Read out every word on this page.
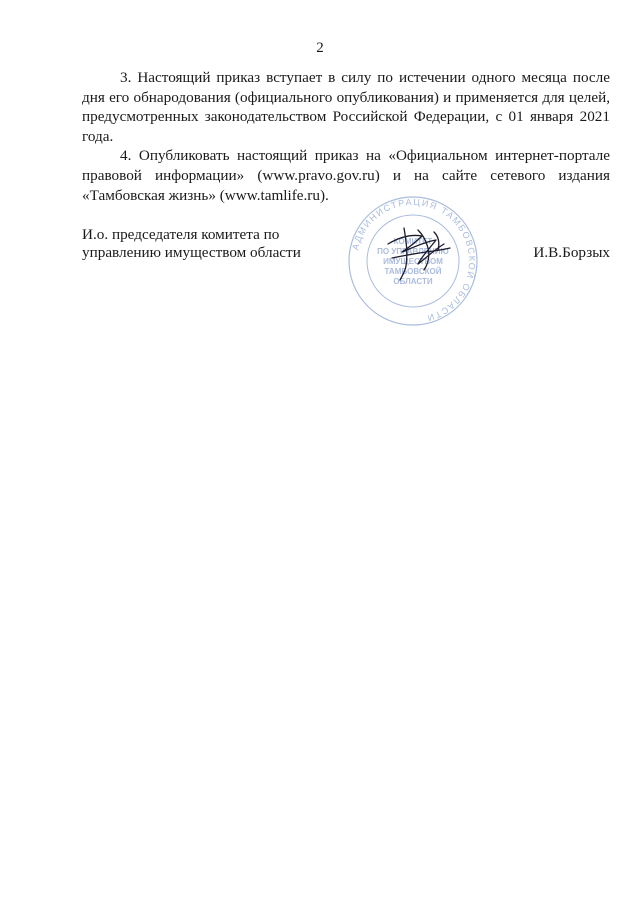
2

3. Настоящий приказ вступает в силу по истечении одного месяца после дня его обнародования (официального опубликования) и применяется для целей, предусмотренных законодательством Российской Федерации, с 01 января 2021 года.

4. Опубликовать настоящий приказ на «Официальном интернет-портале правовой информации» (www.pravo.gov.ru) и на сайте сетевого издания «Тамбовская жизнь» (www.tamlife.ru).

И.о. председателя комитета по
управлению имуществом области	И.В.Борзых
АДМИНИСТРАЦИЯ ТАМБОВСКОЙ ОБЛАСТИ
КОМИТЕТ
ПО УПРАВЛЕНИЮ
ИМУЩЕСТВОМ
ТАМБОВСКОЙ
ОБЛАСТИ
